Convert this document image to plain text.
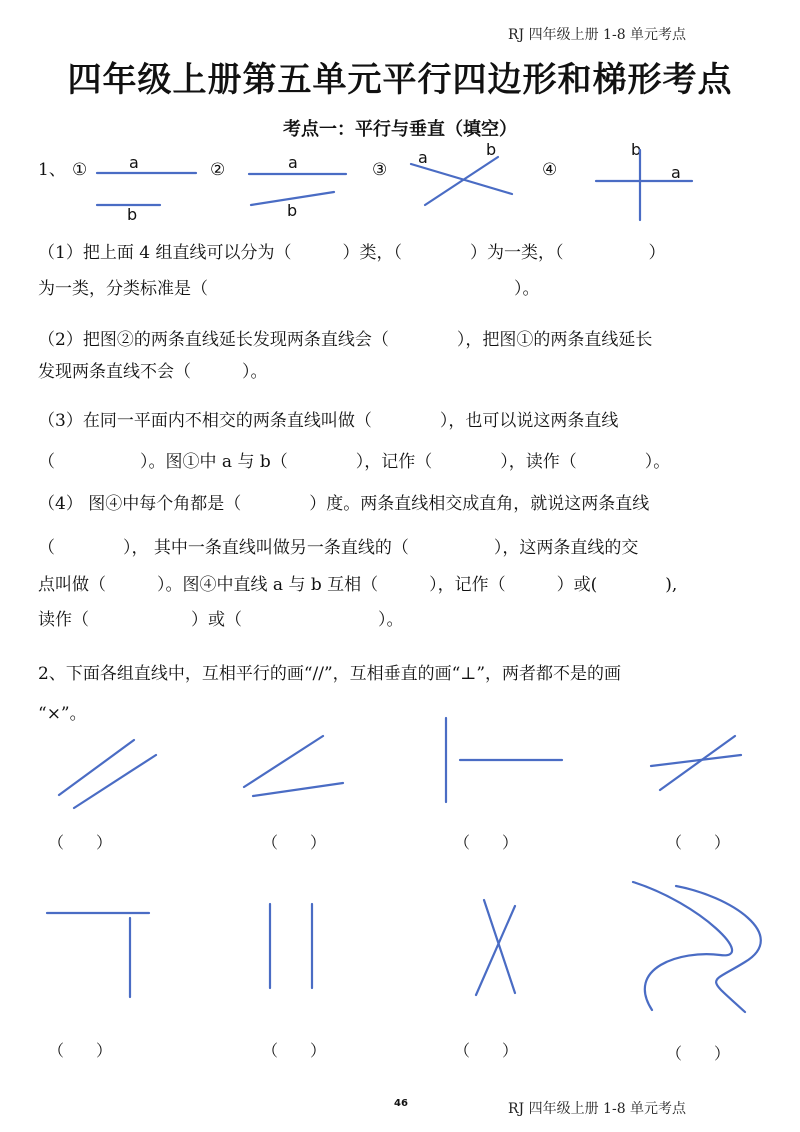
RJ 四年级上册 1-8 单元考点
四年级上册第五单元平行四边形和梯形考点
考点一：平行与垂直（填空）
1、 ①	②	③	④
a
b
a
b
a	b	b
a
（1）把上面 4 组直线可以分为（　　　）类，（　　　　）为一类，（　　　　　）
为一类，分类标准是（　　　　　　　　　　　　　　　　　　）。
（2）把图②的两条直线延长发现两条直线会（　　　　），把图①的两条直线延长
发现两条直线不会（　　　）。
（3）在同一平面内不相交的两条直线叫做（　　　　），也可以说这两条直线
（　　　　　）。图①中 a 与 b（　　　　），记作（　　　　），读作（　　　　）。
（4） 图④中每个角都是（　　　　）度。两条直线相交成直角，就说这两条直线
（　　　　）， 其中一条直线叫做另一条直线的（　　　　　），这两条直线的交
点叫做（　　　）。图④中直线 a 与 b 互相（　　　），记作（　　　）或(　　　　),
读作（　　　　　　）或（　　　　　　　　）。
2、下面各组直线中，互相平行的画“//”，互相垂直的画“⊥”，两者都不是的画
“×”。
（　　）	（　　）	（　　）	（　　）
（　　）	（　　）	（　　）	（　　）
46	RJ 四年级上册 1-8 单元考点
